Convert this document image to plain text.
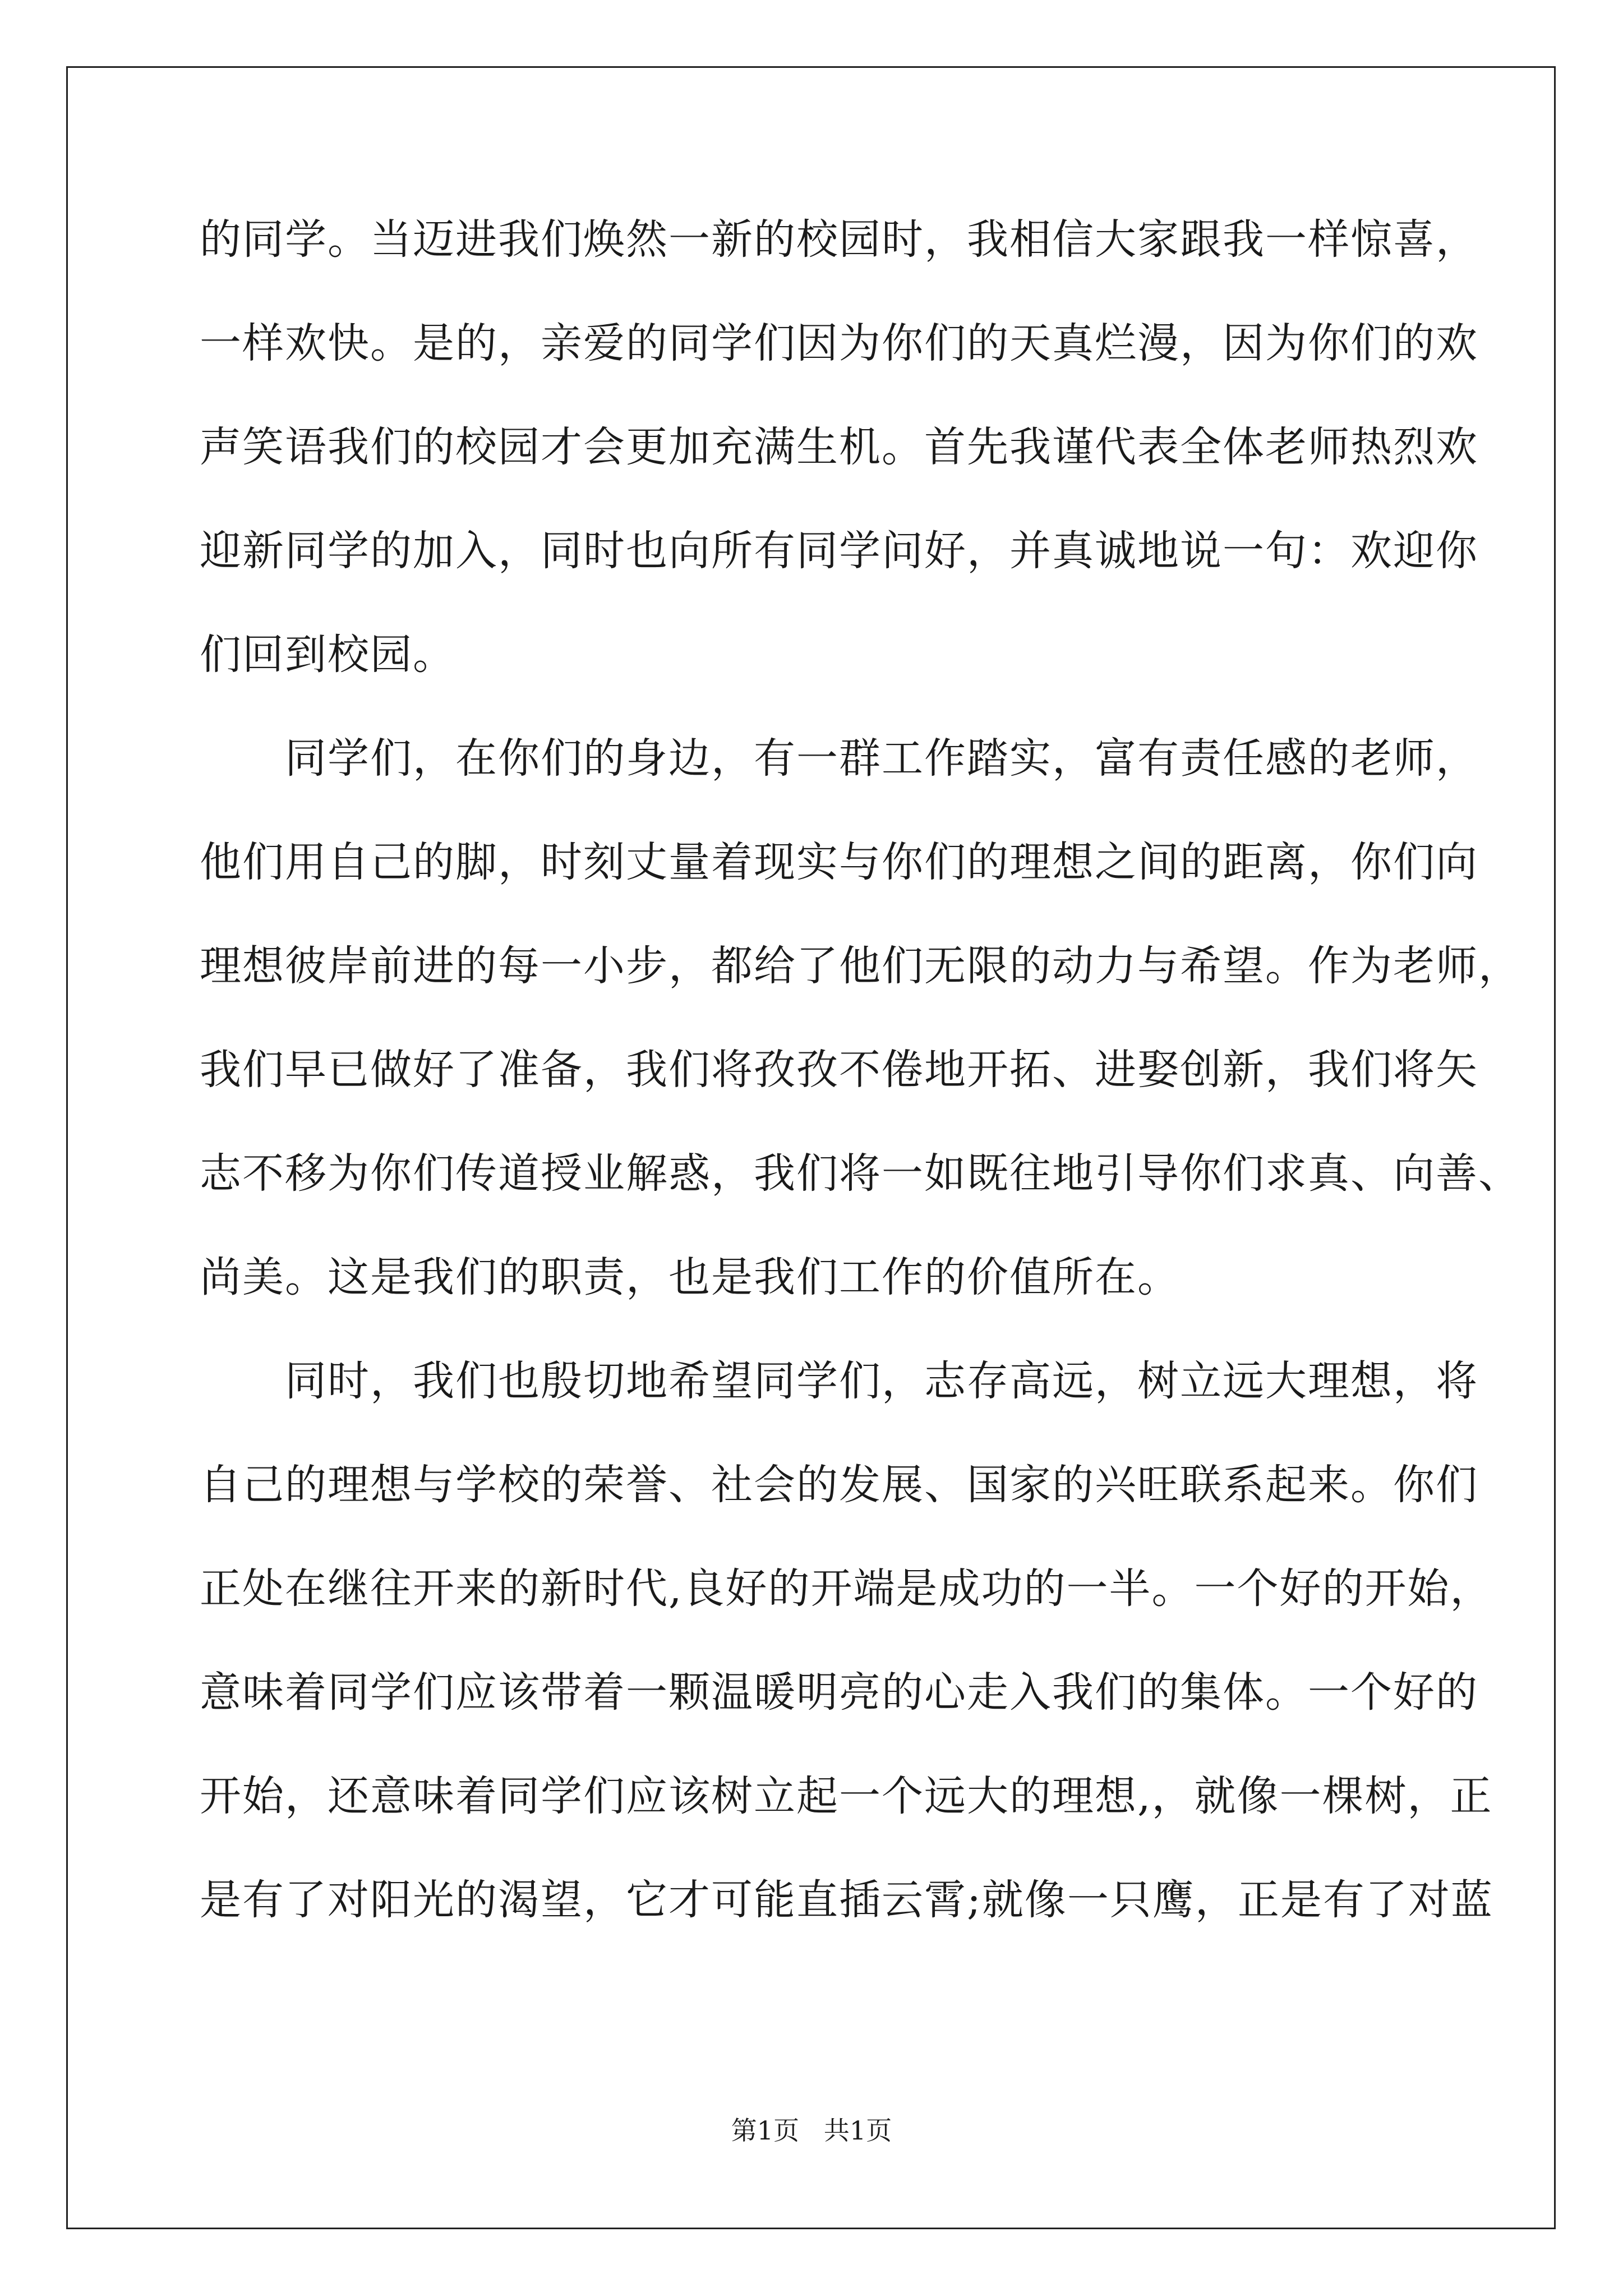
的同学。当迈进我们焕然一新的校园时，我相信大家跟我一样惊喜，
一样欢快。是的，亲爱的同学们因为你们的天真烂漫，因为你们的欢
声笑语我们的校园才会更加充满生机。首先我谨代表全体老师热烈欢
迎新同学的加入，同时也向所有同学问好，并真诚地说一句：欢迎你
们回到校园。
　　同学们，在你们的身边，有一群工作踏实，富有责任感的老师，
他们用自己的脚，时刻丈量着现实与你们的理想之间的距离，你们向
理想彼岸前进的每一小步，都给了他们无限的动力与希望。作为老师，
我们早已做好了准备，我们将孜孜不倦地开拓、进娶创新，我们将矢
志不移为你们传道授业解惑，我们将一如既往地引导你们求真、向善、
尚美。这是我们的职责，也是我们工作的价值所在。
　　同时，我们也殷切地希望同学们，志存高远，树立远大理想，将
自己的理想与学校的荣誉、社会的发展、国家的兴旺联系起来。你们
正处在继往开来的新时代,良好的开端是成功的一半。一个好的开始，
意味着同学们应该带着一颗温暖明亮的心走入我们的集体。一个好的
开始，还意味着同学们应该树立起一个远大的理想,，就像一棵树，正
是有了对阳光的渴望，它才可能直插云霄;就像一只鹰，正是有了对蓝
第1页   共1页
